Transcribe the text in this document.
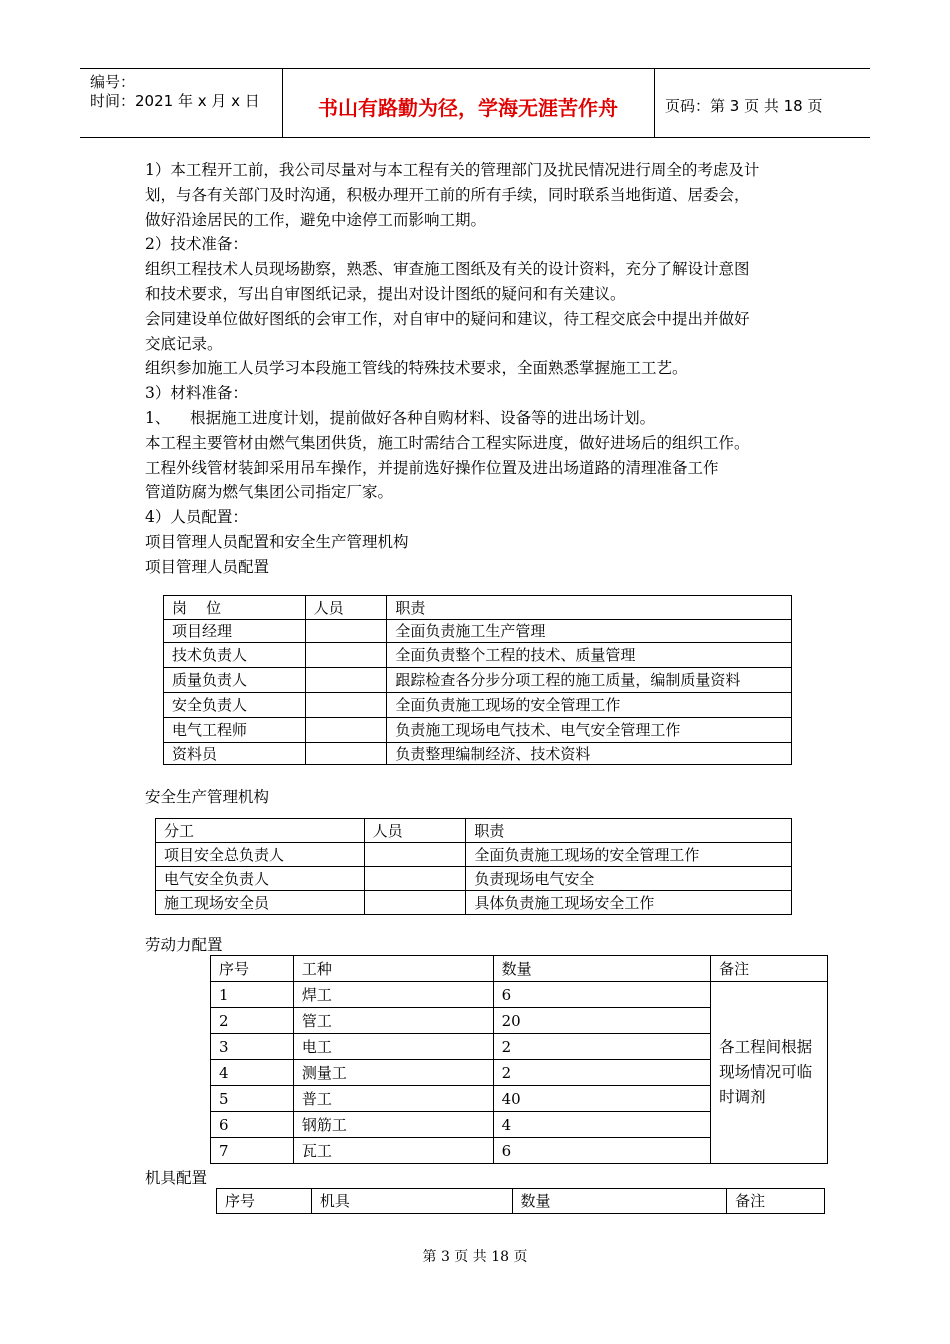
编号：
时间：2021 年 x 月 x 日	书山有路勤为径，学海无涯苦作舟	页码：第 3 页 共 18 页

1）本工程开工前，我公司尽量对与本工程有关的管理部门及扰民情况进行周全的考虑及计

划，与各有关部门及时沟通，积极办理开工前的所有手续，同时联系当地街道、居委会，

做好沿途居民的工作，避免中途停工而影响工期。

2）技术准备：

组织工程技术人员现场勘察，熟悉、审查施工图纸及有关的设计资料，充分了解设计意图

和技术要求，写出自审图纸记录，提出对设计图纸的疑问和有关建议。

会同建设单位做好图纸的会审工作，对自审中的疑问和建议，待工程交底会中提出并做好

交底记录。

组织参加施工人员学习本段施工管线的特殊技术要求，全面熟悉掌握施工工艺。

3）材料准备：

1、    根据施工进度计划，提前做好各种自购材料、设备等的进出场计划。

本工程主要管材由燃气集团供货，施工时需结合工程实际进度，做好进场后的组织工作。

工程外线管材装卸采用吊车操作，并提前选好操作位置及进出场道路的清理准备工作

管道防腐为燃气集团公司指定厂家。

4）人员配置：

项目管理人员配置和安全生产管理机构

项目管理人员配置

岗    位	人员	职责
项目经理		全面负责施工生产管理
技术负责人		全面负责整个工程的技术、质量管理
质量负责人		跟踪检查各分步分项工程的施工质量，编制质量资料
安全负责人		全面负责施工现场的安全管理工作
电气工程师		负责施工现场电气技术、电气安全管理工作
资料员		负责整理编制经济、技术资料
安全生产管理机构
分工	人员	职责
项目安全总负责人		全面负责施工现场的安全管理工作
电气安全负责人		负责现场电气安全
施工现场安全员		具体负责施工现场安全工作
劳动力配置
序号	工种	数量	备注
1	焊工	6	各工程间根据现场情况可临时调剂
2	管工	20	
3	电工	2	
4	测量工	2	
5	普工	40	
6	钢筋工	4	
7	瓦工	6	
机具配置
序号	机具	数量	备注
第 3 页 共 18 页
